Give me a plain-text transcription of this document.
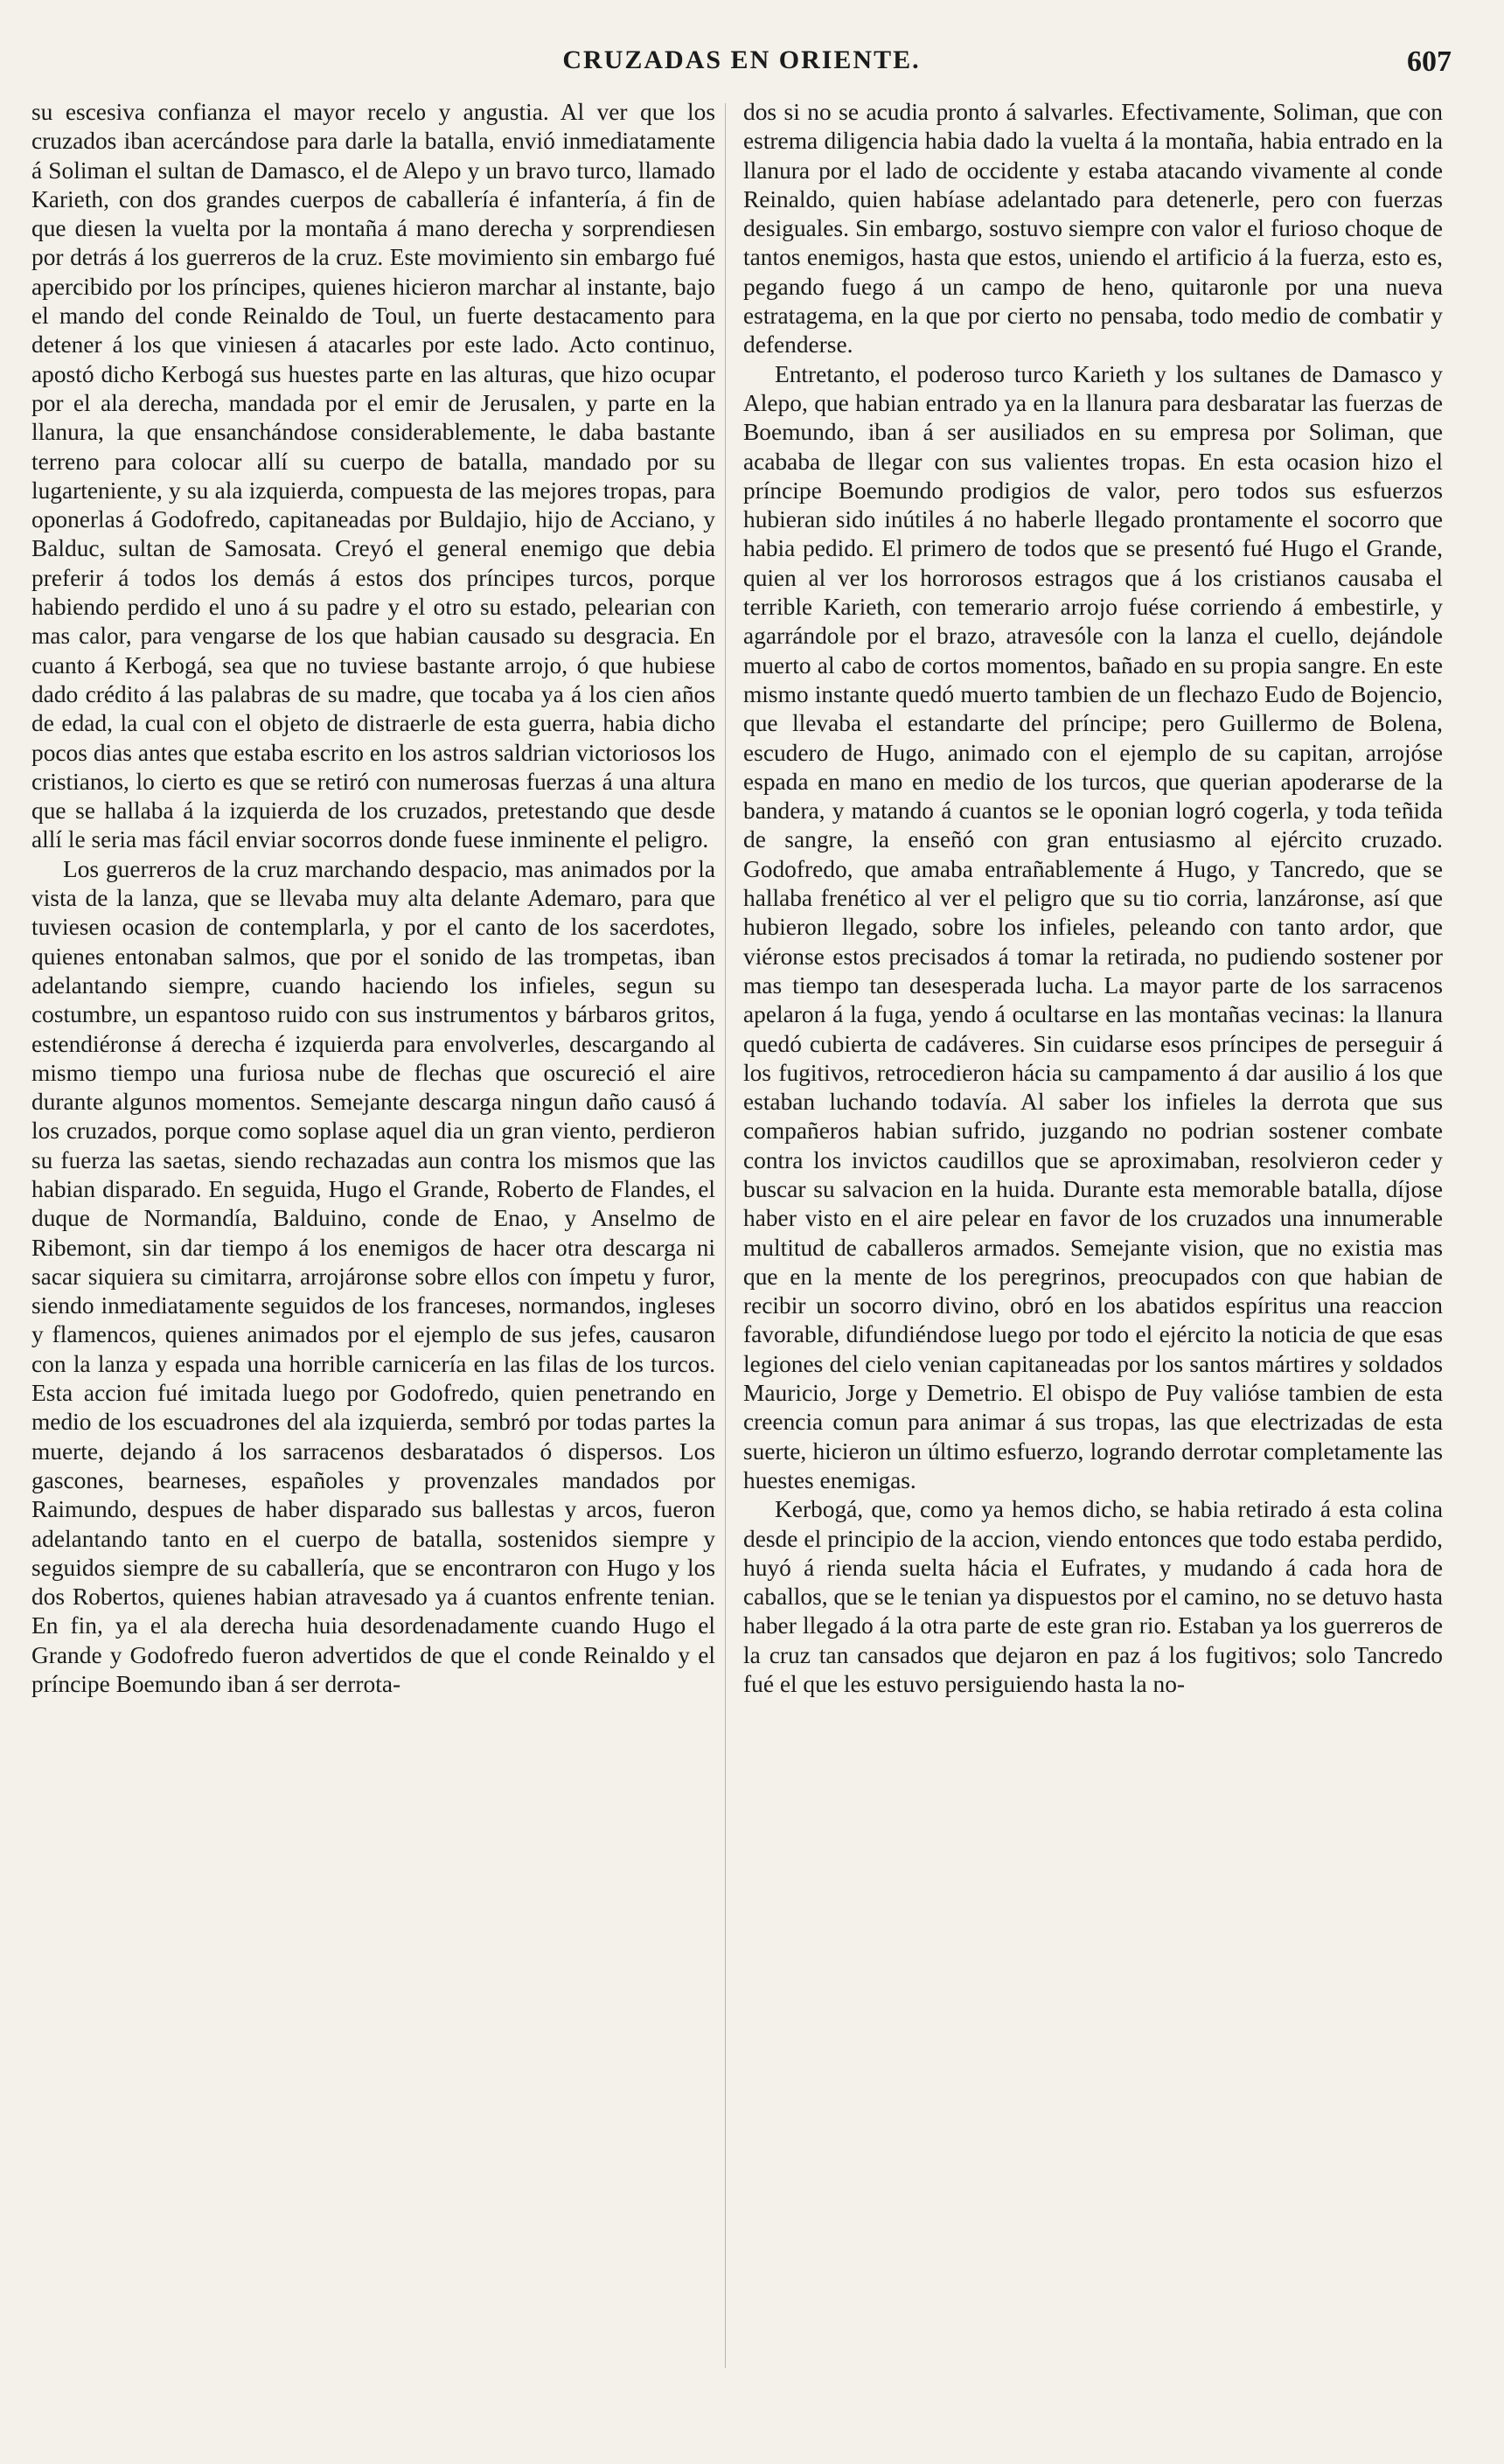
CRUZADAS EN ORIENTE.	607

su escesiva confianza el mayor recelo y angustia. Al ver que los cruzados iban acercándose para darle la batalla, envió inmediatamente á Soliman el sultan de Damasco, el de Alepo y un bravo turco, llamado Karieth, con dos grandes cuerpos de caballería é infantería, á fin de que diesen la vuelta por la montaña á mano derecha y sorprendiesen por detrás á los guerreros de la cruz. Este movimiento sin embargo fué apercibido por los príncipes, quienes hicieron marchar al instante, bajo el mando del conde Reinaldo de Toul, un fuerte destacamento para detener á los que viniesen á atacarles por este lado. Acto continuo, apostó dicho Kerbogá sus huestes parte en las alturas, que hizo ocupar por el ala derecha, mandada por el emir de Jerusalen, y parte en la llanura, la que ensanchándose considerablemente, le daba bastante terreno para colocar allí su cuerpo de batalla, mandado por su lugarteniente, y su ala izquierda, compuesta de las mejores tropas, para oponerlas á Godofredo, capitaneadas por Buldajio, hijo de Acciano, y Balduc, sultan de Samosata. Creyó el general enemigo que debia preferir á todos los demás á estos dos príncipes turcos, porque habiendo perdido el uno á su padre y el otro su estado, pelearian con mas calor, para vengarse de los que habian causado su desgracia. En cuanto á Kerbogá, sea que no tuviese bastante arrojo, ó que hubiese dado crédito á las palabras de su madre, que tocaba ya á los cien años de edad, la cual con el objeto de distraerle de esta guerra, habia dicho pocos dias antes que estaba escrito en los astros saldrian victoriosos los cristianos, lo cierto es que se retiró con numerosas fuerzas á una altura que se hallaba á la izquierda de los cruzados, pretestando que desde allí le seria mas fácil enviar socorros donde fuese inminente el peligro.

Los guerreros de la cruz marchando despacio, mas animados por la vista de la lanza, que se llevaba muy alta delante Ademaro, para que tuviesen ocasion de contemplarla, y por el canto de los sacerdotes, quienes entonaban salmos, que por el sonido de las trompetas, iban adelantando siempre, cuando haciendo los infieles, segun su costumbre, un espantoso ruido con sus instrumentos y bárbaros gritos, estendiéronse á derecha é izquierda para envolverles, descargando al mismo tiempo una furiosa nube de flechas que oscureció el aire durante algunos momentos. Semejante descarga ningun daño causó á los cruzados, porque como soplase aquel dia un gran viento, perdieron su fuerza las saetas, siendo rechazadas aun contra los mismos que las habian disparado. En seguida, Hugo el Grande, Roberto de Flandes, el duque de Normandía, Balduino, conde de Enao, y Anselmo de Ribemont, sin dar tiempo á los enemigos de hacer otra descarga ni sacar siquiera su cimitarra, arrojáronse sobre ellos con ímpetu y furor, siendo inmediatamente seguidos de los franceses, normandos, ingleses y flamencos, quienes animados por el ejemplo de sus jefes, causaron con la lanza y espada una horrible carnicería en las filas de los turcos. Esta accion fué imitada luego por Godofredo, quien penetrando en medio de los escuadrones del ala izquierda, sembró por todas partes la muerte, dejando á los sarracenos desbaratados ó dispersos. Los gascones, bearneses, españoles y provenzales mandados por Raimundo, despues de haber disparado sus ballestas y arcos, fueron adelantando tanto en el cuerpo de batalla, sostenidos siempre y seguidos siempre de su caballería, que se encontraron con Hugo y los dos Robertos, quienes habian atravesado ya á cuantos enfrente tenian. En fin, ya el ala derecha huia desordenadamente cuando Hugo el Grande y Godofredo fueron advertidos de que el conde Reinaldo y el príncipe Boemundo iban á ser derrota-

dos si no se acudia pronto á salvarles. Efectivamente, Soliman, que con estrema diligencia habia dado la vuelta á la montaña, habia entrado en la llanura por el lado de occidente y estaba atacando vivamente al conde Reinaldo, quien habíase adelantado para detenerle, pero con fuerzas desiguales. Sin embargo, sostuvo siempre con valor el furioso choque de tantos enemigos, hasta que estos, uniendo el artificio á la fuerza, esto es, pegando fuego á un campo de heno, quitaronle por una nueva estratagema, en la que por cierto no pensaba, todo medio de combatir y defenderse.

Entretanto, el poderoso turco Karieth y los sultanes de Damasco y Alepo, que habian entrado ya en la llanura para desbaratar las fuerzas de Boemundo, iban á ser ausiliados en su empresa por Soliman, que acababa de llegar con sus valientes tropas. En esta ocasion hizo el príncipe Boemundo prodigios de valor, pero todos sus esfuerzos hubieran sido inútiles á no haberle llegado prontamente el socorro que habia pedido. El primero de todos que se presentó fué Hugo el Grande, quien al ver los horrorosos estragos que á los cristianos causaba el terrible Karieth, con temerario arrojo fuése corriendo á embestirle, y agarrándole por el brazo, atravesóle con la lanza el cuello, dejándole muerto al cabo de cortos momentos, bañado en su propia sangre. En este mismo instante quedó muerto tambien de un flechazo Eudo de Bojencio, que llevaba el estandarte del príncipe; pero Guillermo de Bolena, escudero de Hugo, animado con el ejemplo de su capitan, arrojóse espada en mano en medio de los turcos, que querian apoderarse de la bandera, y matando á cuantos se le oponian logró cogerla, y toda teñida de sangre, la enseñó con gran entusiasmo al ejército cruzado. Godofredo, que amaba entrañablemente á Hugo, y Tancredo, que se hallaba frenético al ver el peligro que su tio corria, lanzáronse, así que hubieron llegado, sobre los infieles, peleando con tanto ardor, que viéronse estos precisados á tomar la retirada, no pudiendo sostener por mas tiempo tan desesperada lucha. La mayor parte de los sarracenos apelaron á la fuga, yendo á ocultarse en las montañas vecinas: la llanura quedó cubierta de cadáveres. Sin cuidarse esos príncipes de perseguir á los fugitivos, retrocedieron hácia su campamento á dar ausilio á los que estaban luchando todavía. Al saber los infieles la derrota que sus compañeros habian sufrido, juzgando no podrian sostener combate contra los invictos caudillos que se aproximaban, resolvieron ceder y buscar su salvacion en la huida. Durante esta memorable batalla, díjose haber visto en el aire pelear en favor de los cruzados una innumerable multitud de caballeros armados. Semejante vision, que no existia mas que en la mente de los peregrinos, preocupados con que habian de recibir un socorro divino, obró en los abatidos espíritus una reaccion favorable, difundiéndose luego por todo el ejército la noticia de que esas legiones del cielo venian capitaneadas por los santos mártires y soldados Mauricio, Jorge y Demetrio. El obispo de Puy valióse tambien de esta creencia comun para animar á sus tropas, las que electrizadas de esta suerte, hicieron un último esfuerzo, logrando derrotar completamente las huestes enemigas.

Kerbogá, que, como ya hemos dicho, se habia retirado á esta colina desde el principio de la accion, viendo entonces que todo estaba perdido, huyó á rienda suelta hácia el Eufrates, y mudando á cada hora de caballos, que se le tenian ya dispuestos por el camino, no se detuvo hasta haber llegado á la otra parte de este gran rio. Estaban ya los guerreros de la cruz tan cansados que dejaron en paz á los fugitivos; solo Tancredo fué el que les estuvo persiguiendo hasta la no-
